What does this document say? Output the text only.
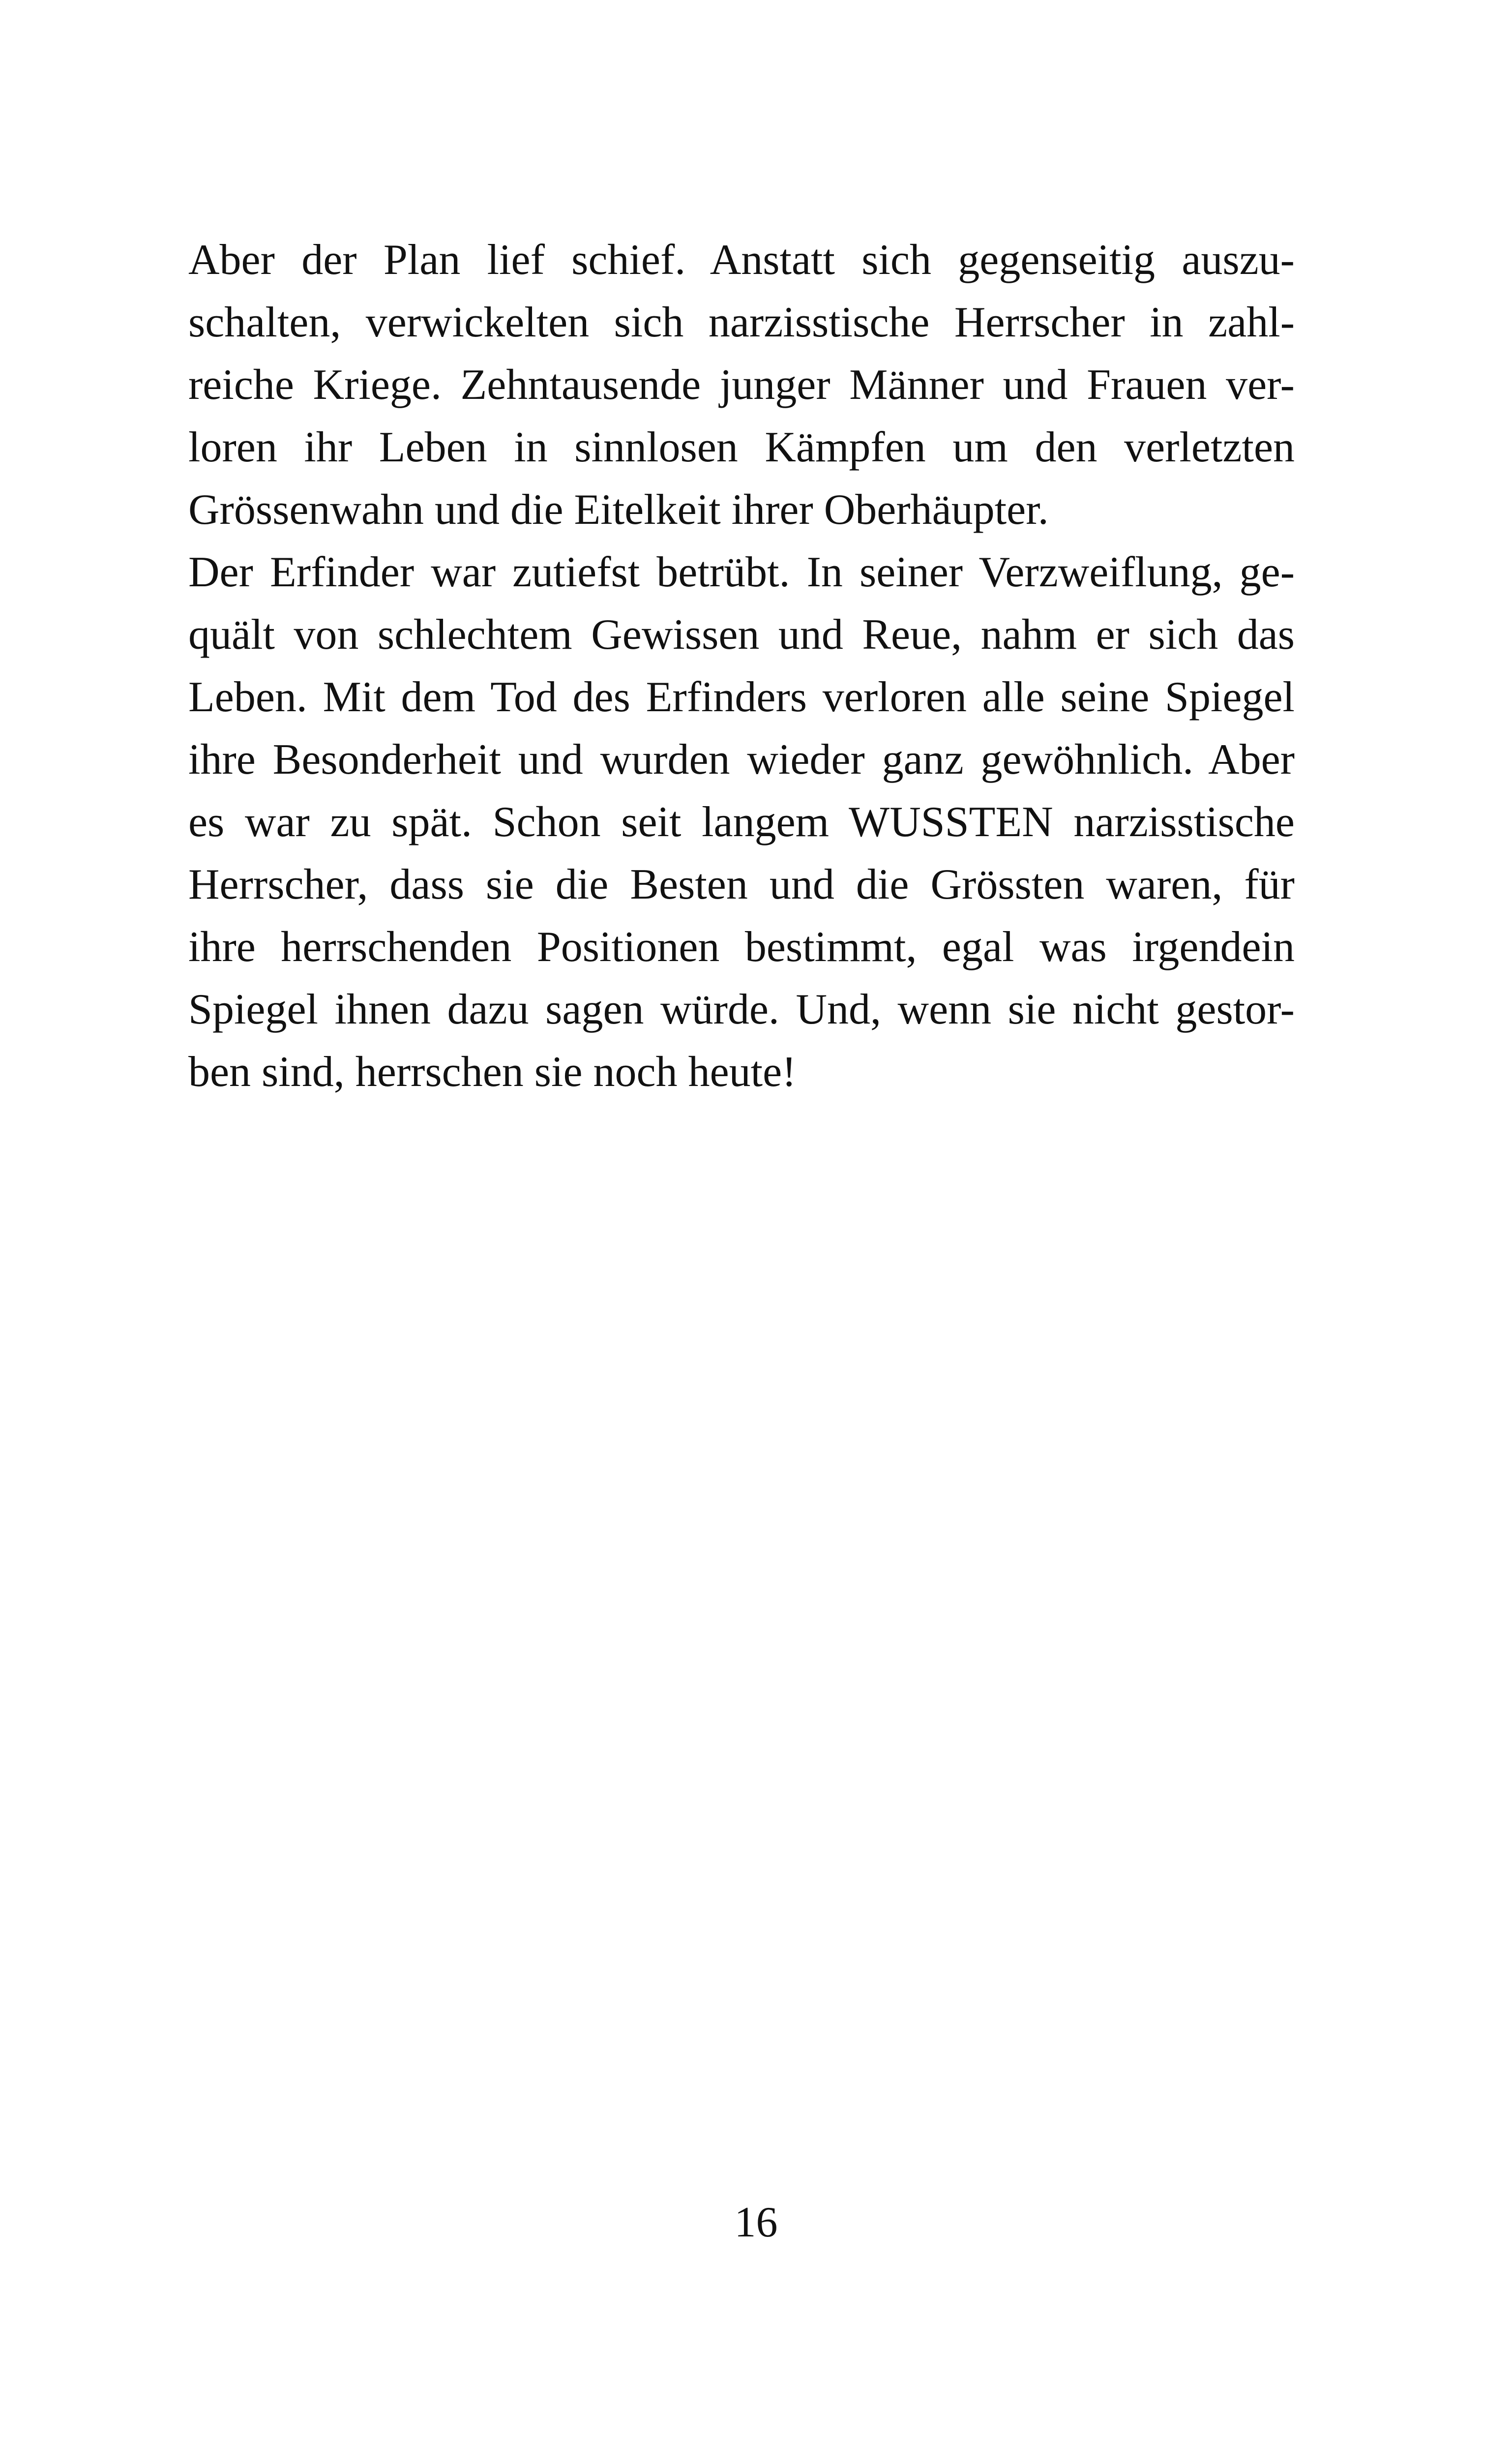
Aber der Plan lief schief. Anstatt sich gegenseitig auszu-
schalten, verwickelten sich narzisstische Herrscher in zahl-
reiche Kriege. Zehntausende junger Männer und Frauen ver-
loren ihr Leben in sinnlosen Kämpfen um den verletzten
Grössenwahn und die Eitelkeit ihrer Oberhäupter.
Der Erfinder war zutiefst betrübt. In seiner Verzweiflung, ge-
quält von schlechtem Gewissen und Reue, nahm er sich das
Leben. Mit dem Tod des Erfinders verloren alle seine Spiegel
ihre Besonderheit und wurden wieder ganz gewöhnlich. Aber
es war zu spät. Schon seit langem WUSSTEN narzisstische
Herrscher, dass sie die Besten und die Grössten waren, für
ihre herrschenden Positionen bestimmt, egal was irgendein
Spiegel ihnen dazu sagen würde. Und, wenn sie nicht gestor-
ben sind, herrschen sie noch heute!
16
